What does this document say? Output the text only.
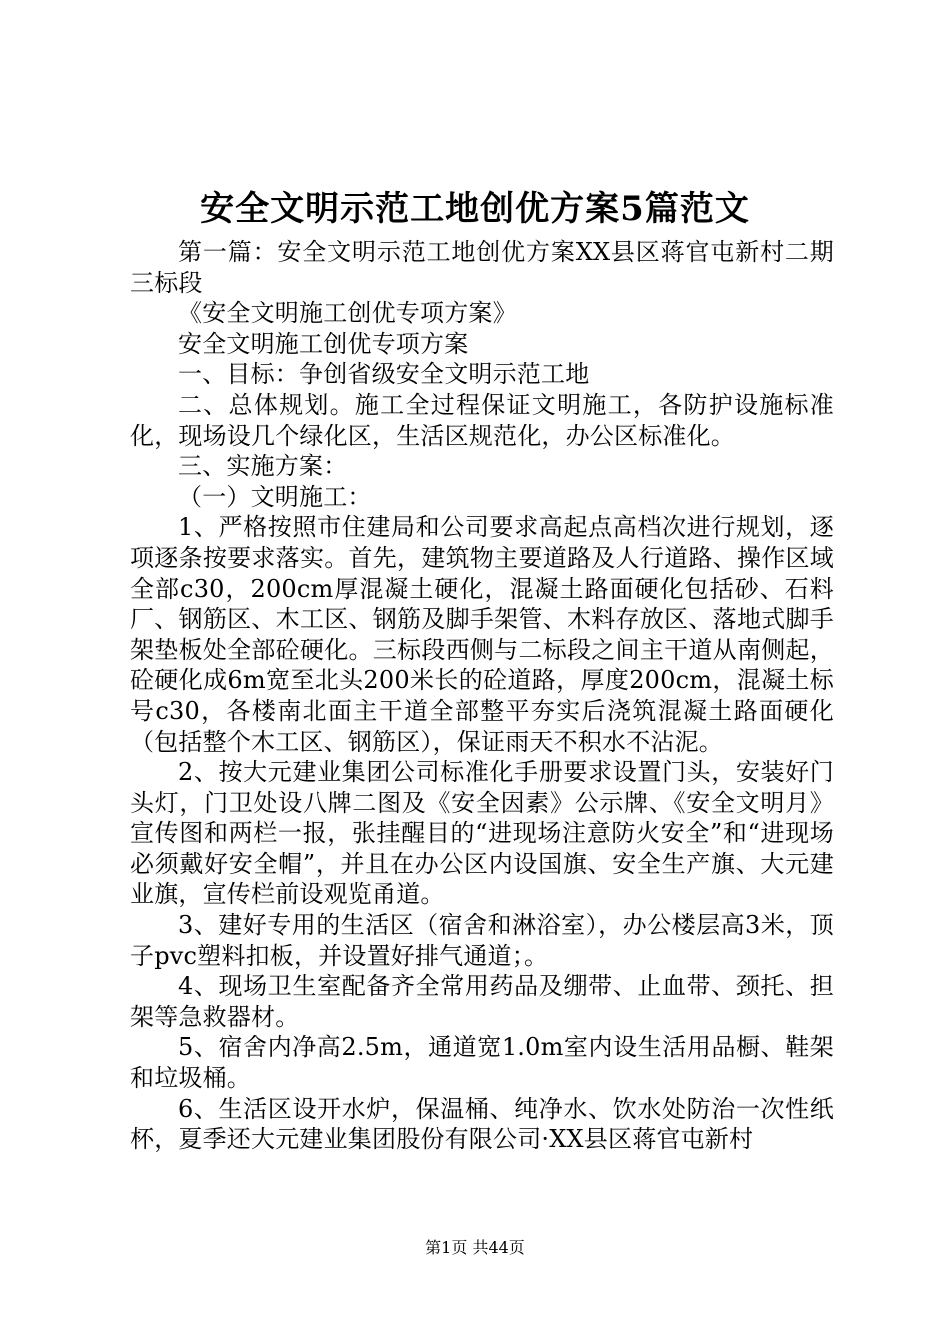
安全文明示范工地创优方案5篇范文

第一篇：安全文明示范工地创优方案XX县区蒋官屯新村二期三标段

《安全文明施工创优专项方案》

安全文明施工创优专项方案

一、目标：争创省级安全文明示范工地

二、总体规划。施工全过程保证文明施工，各防护设施标准化，现场设几个绿化区，生活区规范化，办公区标准化。

三、实施方案：

（一）文明施工：

1、严格按照市住建局和公司要求高起点高档次进行规划，逐项逐条按要求落实。首先，建筑物主要道路及人行道路、操作区域全部c30，200cm厚混凝土硬化，混凝土路面硬化包括砂、石料厂、钢筋区、木工区、钢筋及脚手架管、木料存放区、落地式脚手架垫板处全部砼硬化。三标段西侧与二标段之间主干道从南侧起，砼硬化成6m宽至北头200米长的砼道路，厚度200cm，混凝土标号c30，各楼南北面主干道全部整平夯实后浇筑混凝土路面硬化（包括整个木工区、钢筋区），保证雨天不积水不沾泥。

2、按大元建业集团公司标准化手册要求设置门头，安装好门头灯，门卫处设八牌二图及《安全因素》公示牌、《安全文明月》宣传图和两栏一报，张挂醒目的“进现场注意防火安全”和“进现场必须戴好安全帽”，并且在办公区内设国旗、安全生产旗、大元建业旗，宣传栏前设观览甬道。

3、建好专用的生活区（宿舍和淋浴室），办公楼层高3米，顶子pvc塑料扣板，并设置好排气通道；。

4、现场卫生室配备齐全常用药品及绷带、止血带、颈托、担架等急救器材。

5、宿舍内净高2.5m，通道宽1.0m室内设生活用品橱、鞋架和垃圾桶。

6、生活区设开水炉，保温桶、纯净水、饮水处防治一次性纸杯，夏季还大元建业集团股份有限公司·XX县区蒋官屯新村

第1页 共44页
